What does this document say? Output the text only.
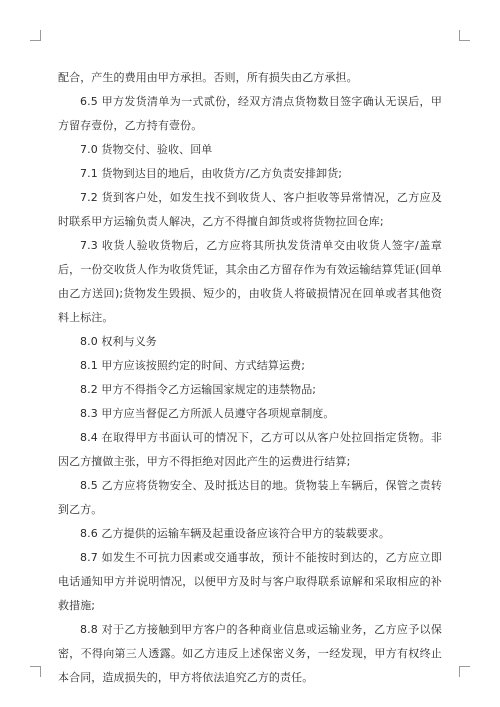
配合，产生的费用由甲方承担。否则，所有损失由乙方承担。

6.5 甲方发货清单为一式贰份，经双方清点货物数目签字确认无误后，甲方留存壹份，乙方持有壹份。

7.0 货物交付、验收、回单

7.1 货物到达目的地后，由收货方/乙方负责安排卸货;

7.2 货到客户处，如发生找不到收货人、客户拒收等异常情况，乙方应及时联系甲方运输负责人解决，乙方不得擅自卸货或将货物拉回仓库;

7.3 收货人验收货物后，乙方应将其所执发货清单交由收货人签字/盖章后，一份交收货人作为收货凭证，其余由乙方留存作为有效运输结算凭证(回单由乙方送回);货物发生毁损、短少的，由收货人将破损情况在回单或者其他资料上标注。

8.0 权利与义务

8.1 甲方应该按照约定的时间、方式结算运费;

8.2 甲方不得指令乙方运输国家规定的违禁物品;

8.3 甲方应当督促乙方所派人员遵守各项规章制度。

8.4 在取得甲方书面认可的情况下，乙方可以从客户处拉回指定货物。非因乙方擅做主张，甲方不得拒绝对因此产生的运费进行结算;

8.5 乙方应将货物安全、及时抵达目的地。货物装上车辆后，保管之责转到乙方。

8.6 乙方提供的运输车辆及起重设备应该符合甲方的装载要求。

8.7 如发生不可抗力因素或交通事故，预计不能按时到达的，乙方应立即电话通知甲方并说明情况，以便甲方及时与客户取得联系谅解和采取相应的补救措施;

8.8 对于乙方接触到甲方客户的各种商业信息或运输业务，乙方应予以保密，不得向第三人透露。如乙方违反上述保密义务，一经发现，甲方有权终止本合同，造成损失的，甲方将依法追究乙方的责任。
